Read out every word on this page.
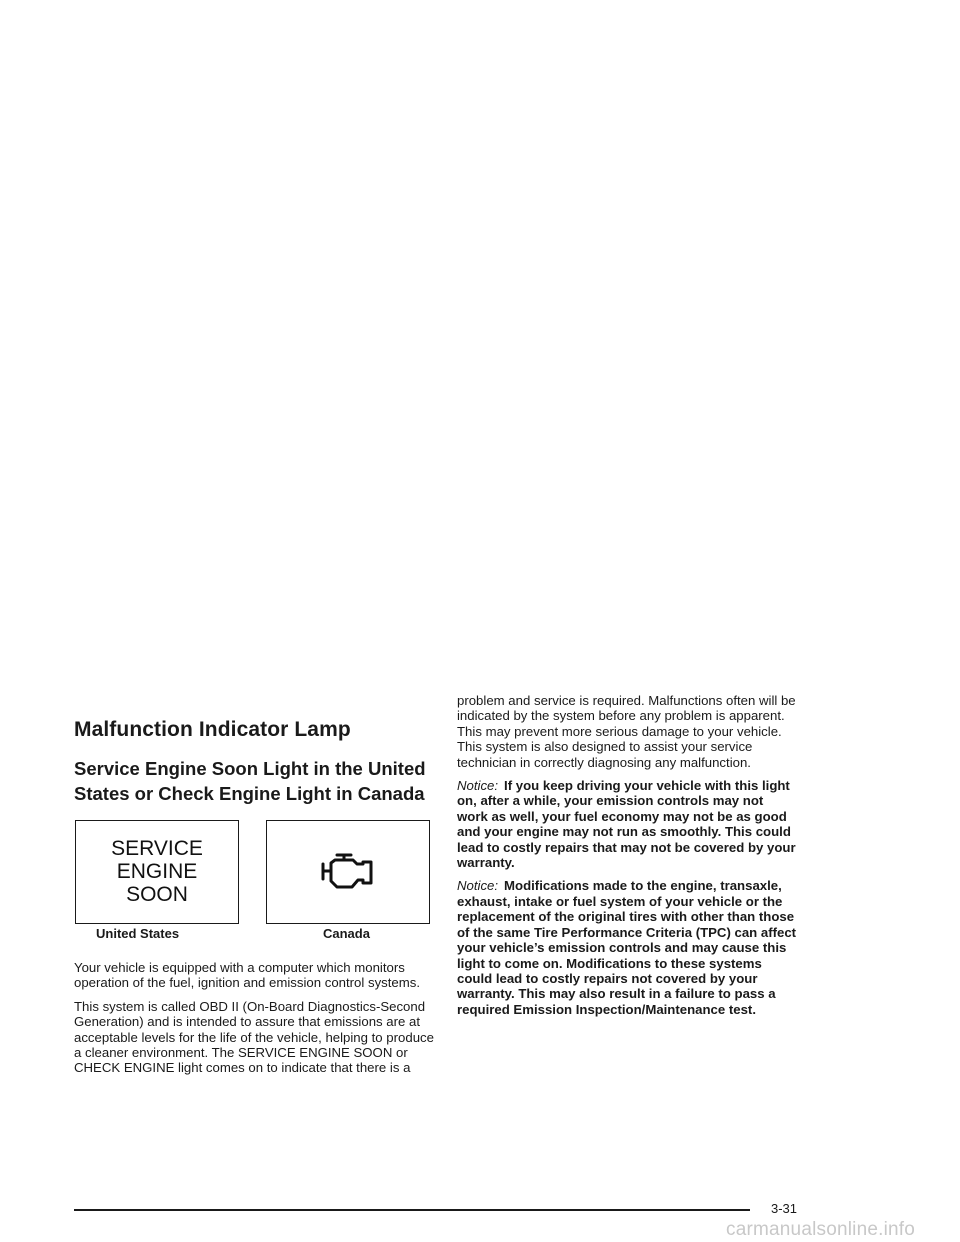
Malfunction Indicator Lamp
Service Engine Soon Light in the United States or Check Engine Light in Canada
SERVICE
ENGINE
SOON
United States	Canada

Your vehicle is equipped with a computer which monitors operation of the fuel, ignition and emission control systems.

This system is called OBD II (On-Board Diagnostics-Second Generation) and is intended to assure that emissions are at acceptable levels for the life of the vehicle, helping to produce a cleaner environment. The SERVICE ENGINE SOON or CHECK ENGINE light comes on to indicate that there is a

problem and service is required. Malfunctions often will be indicated by the system before any problem is apparent. This may prevent more serious damage to your vehicle. This system is also designed to assist your service technician in correctly diagnosing any malfunction.

Notice: If you keep driving your vehicle with this light on, after a while, your emission controls may not work as well, your fuel economy may not be as good and your engine may not run as smoothly. This could lead to costly repairs that may not be covered by your warranty.

Notice: Modifications made to the engine, transaxle, exhaust, intake or fuel system of your vehicle or the replacement of the original tires with other than those of the same Tire Performance Criteria (TPC) can affect your vehicle’s emission controls and may cause this light to come on. Modifications to these systems could lead to costly repairs not covered by your warranty. This may also result in a failure to pass a required Emission Inspection/Maintenance test.

3-31
carmanualsonline.info
